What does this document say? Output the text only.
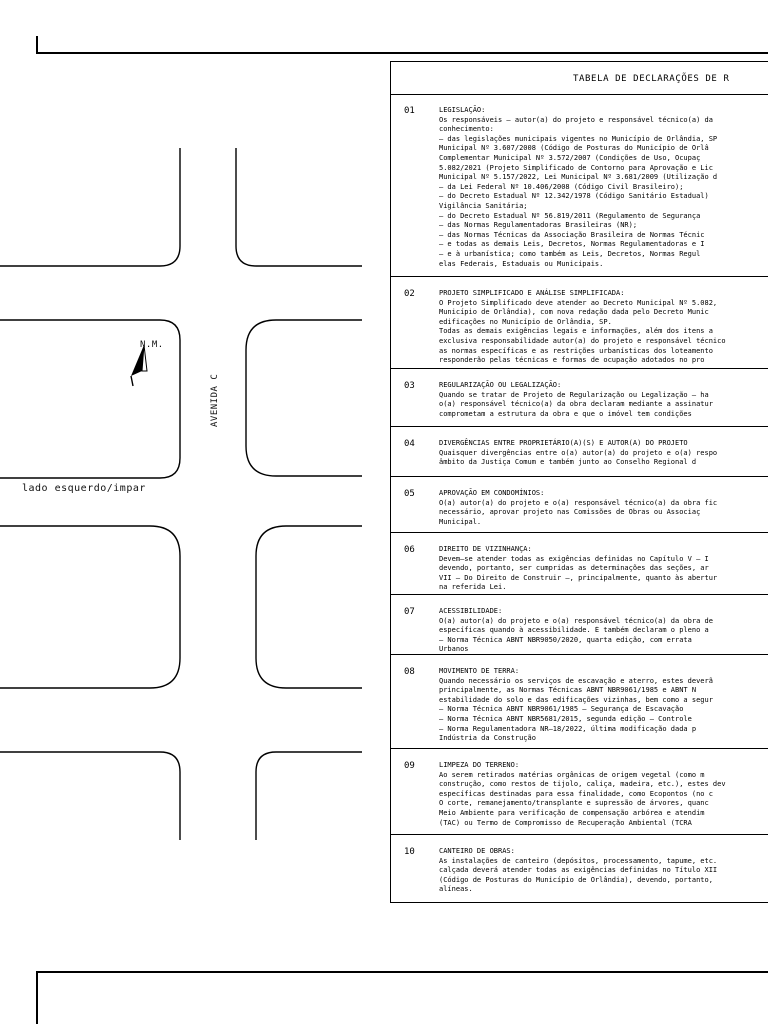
N.M.
AVENIDA C
lado esquerdo/impar
TABELA DE DECLARAÇÕES DE R
01	LEGISLAÇÃO:
Os responsáveis — autor(a) do projeto e responsável técnico(a) da
conhecimento:
— das legislações municipais vigentes no Município de Orlândia, SP
Municipal Nº 3.607/2008 (Código de Posturas do Município de Orlâ
Complementar Municipal Nº 3.572/2007 (Condições de Uso, Ocupaç
5.082/2021 (Projeto Simplificado de Contorno para Aprovação e Lic
Municipal Nº 5.157/2022, Lei Municipal Nº 3.681/2009 (Utilização d
— da Lei Federal Nº 10.406/2008 (Código Civil Brasileiro);
— do Decreto Estadual Nº 12.342/1978 (Código Sanitário Estadual)
Vigilância Sanitária;
— do Decreto Estadual Nº 56.819/2011 (Regulamento de Segurança
— das Normas Regulamentadoras Brasileiras (NR);
— das Normas Técnicas da Associação Brasileira de Normas Técnic
— e todas as demais Leis, Decretos, Normas Regulamentadoras e I
— e à urbanística; como também as Leis, Decretos, Normas Regul
elas Federais, Estaduais ou Municipais.
02	PROJETO SIMPLIFICADO E ANÁLISE SIMPLIFICADA:
O Projeto Simplificado deve atender ao Decreto Municipal Nº 5.082,
Município de Orlândia), com nova redação dada pelo Decreto Munic
edificações no Município de Orlândia, SP.
Todas as demais exigências legais e informações, além dos itens a
exclusiva responsabilidade autor(a) do projeto e responsável técnico
as normas específicas e as restrições urbanísticas dos loteamento
responderão pelas técnicas e formas de ocupação adotados no pro
03	REGULARIZAÇÃO OU LEGALIZAÇÃO:
Quando se tratar de Projeto de Regularização ou Legalização — ha
o(a) responsável técnico(a) da obra declaram mediante a assinatur
comprometam a estrutura da obra e que o imóvel tem condições
04	DIVERGÊNCIAS ENTRE PROPRIETÁRIO(A)(S) E AUTOR(A) DO PROJETO
Quaisquer divergências entre o(a) autor(a) do projeto e o(a) respo
âmbito da Justiça Comum e também junto ao Conselho Regional d
05	APROVAÇÃO EM CONDOMÍNIOS:
O(a) autor(a) do projeto e o(a) responsável técnico(a) da obra fic
necessário, aprovar projeto nas Comissões de Obras ou Associaç
Municipal.
06	DIREITO DE VIZINHANÇA:
Devem—se atender todas as exigências definidas no Capítulo V — I
devendo, portanto, ser cumpridas as determinações das seções, ar
VII — Do Direito de Construir —, principalmente, quanto às abertur
na referida Lei.
07	ACESSIBILIDADE:
O(a) autor(a) do projeto e o(a) responsável técnico(a) da obra de
específicas quando à acessibilidade. É também declaram o pleno a
— Norma Técnica ABNT NBR9050/2020, quarta edição, com errata
Urbanos
08	MOVIMENTO DE TERRA:
Quando necessário os serviços de escavação e aterro, estes deverã
principalmente, as Normas Técnicas ABNT NBR9061/1985 e ABNT N
estabilidade do solo e das edificações vizinhas, bem como a segur
— Norma Técnica ABNT NBR9061/1985 — Segurança de Escavação
— Norma Técnica ABNT NBR5681/2015, segunda edição — Controle
— Norma Regulamentadora NR—18/2022, última modificação dada p
Indústria da Construção
09	LIMPEZA DO TERRENO:
Ao serem retirados matérias orgânicas de origem vegetal (como m
construção, como restos de tijolo, caliça, madeira, etc.), estes dev
específicas destinadas para essa finalidade, como Ecopontos (no c
O corte, remanejamento/transplante e supressão de árvores, quanc
Meio Ambiente para verificação de compensação arbórea e atendim
(TAC) ou Termo de Compromisso de Recuperação Ambiental (TCRA
10	CANTEIRO DE OBRAS:
As instalações de canteiro (depósitos, processamento, tapume, etc.
calçada deverá atender todas as exigências definidas no Título XII
(Código de Posturas do Município de Orlândia), devendo, portanto,
alíneas.
